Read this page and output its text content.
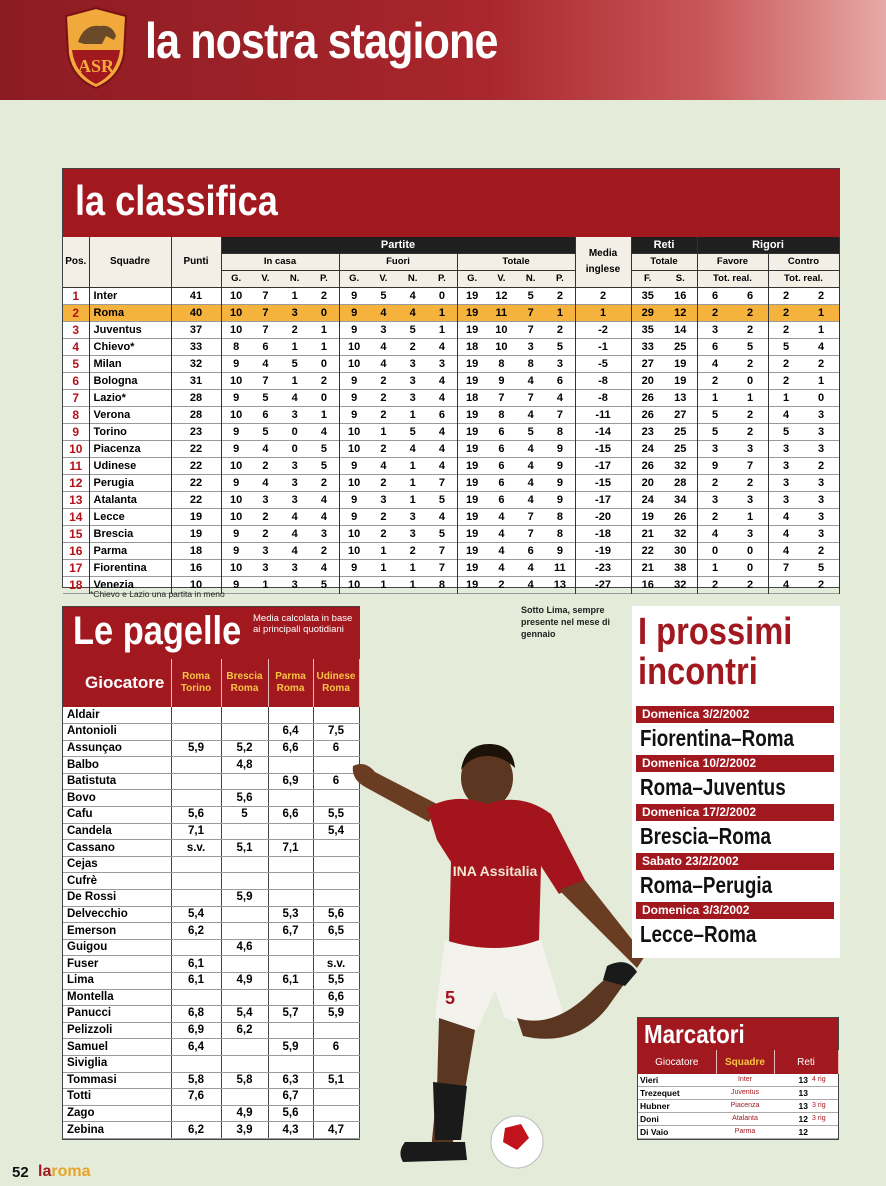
ASR la nostra stagione
la classifica
Pos.	Squadre	Punti	Partite			Media inglese	Reti	Rigori	
			In casa	Fuori	Totale		Totale	Favore	Contro

			G. V. N. P.	G. V. N. P.	G. V. N. P.		F. S.	Tot. real.	Tot. real.
1	Inter	41	10 7 1 2	9 5 4 0	19 12 5 2	2	35 16	6 6	2 2

2	Roma	40	10 7 3 0	9 4 4 1	19 11 7 1	1	29 12	2 2	2 1

3	Juventus	37	10 7 2 1	9 3 5 1	19 10 7 2	-2	35 14	3 2	2 1

4	Chievo*	33	8 6 1 1	10 4 2 4	18 10 3 5	-1	33 25	6 5	5 4

5	Milan	32	9 4 5 0	10 4 3 3	19 8 8 3	-5	27 19	4 2	2 2

6	Bologna	31	10 7 1 2	9 2 3 4	19 9 4 6	-8	20 19	2 0	2 1

7	Lazio*	28	9 5 4 0	9 2 3 4	18 7 7 4	-8	26 13	1 1	1 0

8	Verona	28	10 6 3 1	9 2 1 6	19 8 4 7	-11	26 27	5 2	4 3

9	Torino	23	9 5 0 4	10 1 5 4	19 6 5 8	-14	23 25	5 2	5 3

10	Piacenza	22	9 4 0 5	10 2 4 4	19 6 4 9	-15	24 25	3 3	3 3

11	Udinese	22	10 2 3 5	9 4 1 4	19 6 4 9	-17	26 32	9 7	3 2

12	Perugia	22	9 4 3 2	10 2 1 7	19 6 4 9	-15	20 28	2 2	3 3

13	Atalanta	22	10 3 3 4	9 3 1 5	19 6 4 9	-17	24 34	3 3	3 3

14	Lecce	19	10 2 4 4	9 2 3 4	19 4 7 8	-20	19 26	2 1	4 3

15	Brescia	19	9 2 4 3	10 2 3 5	19 4 7 8	-18	21 32	4 3	4 3

16	Parma	18	9 3 4 2	10 1 2 7	19 4 6 9	-19	22 30	0 0	4 2

17	Fiorentina	16	10 3 3 4	9 1 1 7	19 4 4 11	-23	21 38	1 0	7 5

18	Venezia	10	9 1 3 5	10 1 1 8	19 2 4 13	-27	16 32	2 2	4 2
*Chievo e Lazio una partita in meno
Le pagelle Media calcolata in base ai principali quotidiani
Giocatore	Roma Torino	Brescia Roma	Parma Roma	Udinese Roma
Aldair				
Antonioli			6,4	7,5
Assunçao	5,9	5,2	6,6	6
Balbo		4,8		
Batistuta			6,9	6
Bovo		5,6		
Cafu	5,6	5	6,6	5,5
Candela	7,1			5,4
Cassano	s.v.	5,1	7,1	
Cejas				
Cufrè				
De Rossi		5,9		
Delvecchio	5,4		5,3	5,6
Emerson	6,2		6,7	6,5
Guigou		4,6		
Fuser	6,1			s.v.
Lima	6,1	4,9	6,1	5,5
Montella				6,6
Panucci	6,8	5,4	5,7	5,9
Pelizzoli	6,9	6,2		
Samuel	6,4		5,9	6
Siviglia				
Tommasi	5,8	5,8	6,3	5,1
Totti	7,6		6,7	
Zago		4,9	5,6	
Zebina	6,2	3,9	4,3	4,7
Sotto Lima, sempre presente nel mese di gennaio
INA Assitalia
5
I prossimi
incontri
Domenica 3/2/2002
Fiorentina–Roma
Domenica 10/2/2002
Roma–Juventus
Domenica 17/2/2002
Brescia–Roma
Sabato 23/2/2002
Roma–Perugia
Domenica 3/3/2002
Lecce–Roma
Marcatori
Giocatore	Squadre	Reti	
Vieri	Inter	13	4 rig
Trezequet	Juventus	13	
Hubner	Piacenza	13	3 rig
Doni	Atalanta	12	3 rig
Di Vaio	Parma	12	
52 laroma
